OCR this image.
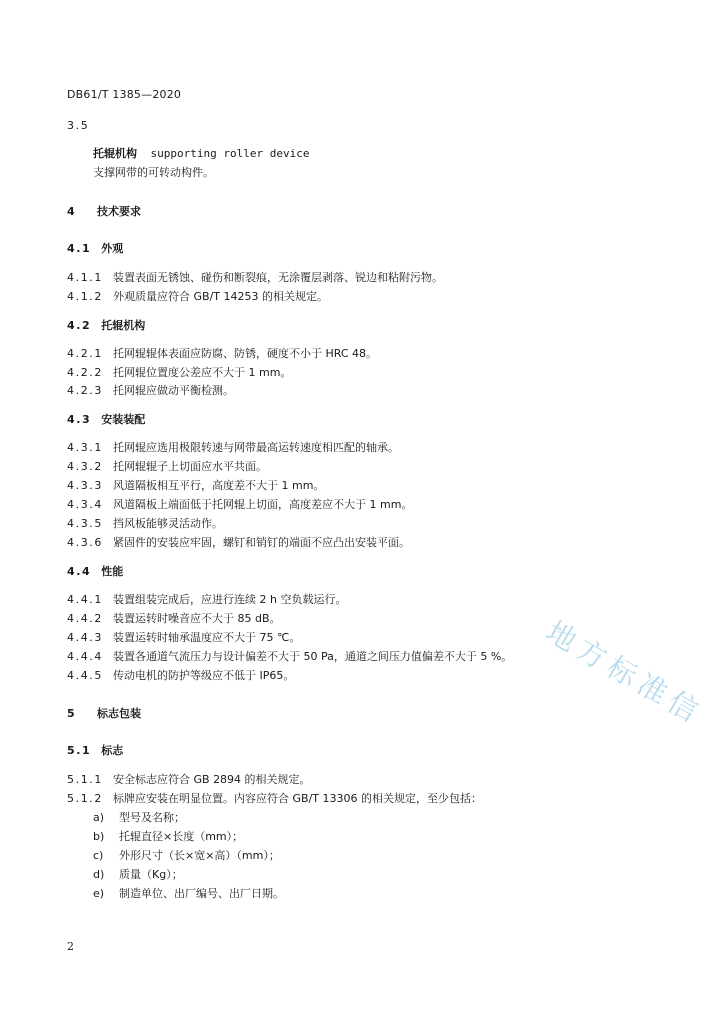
DB61/T 1385—2020
3.5
托辊机构 supporting roller device
支撑网带的可转动构件。
4 技术要求
4.1 外观
4.1.1 装置表面无锈蚀、碰伤和断裂痕，无涂覆层剥落、锐边和粘附污物。
4.1.2 外观质量应符合 GB/T 14253 的相关规定。
4.2 托辊机构
4.2.1 托网辊辊体表面应防腐、防锈，硬度不小于 HRC 48。
4.2.2 托网辊位置度公差应不大于 1 mm。
4.2.3 托网辊应做动平衡检测。
4.3 安装装配
4.3.1 托网辊应选用极限转速与网带最高运转速度相匹配的轴承。
4.3.2 托网辊辊子上切面应水平共面。
4.3.3 风道隔板相互平行，高度差不大于 1 mm。
4.3.4 风道隔板上端面低于托网辊上切面，高度差应不大于 1 mm。
4.3.5 挡风板能够灵活动作。
4.3.6 紧固件的安装应牢固，螺钉和销钉的端面不应凸出安装平面。
4.4 性能
4.4.1 装置组装完成后，应进行连续 2 h 空负载运行。
4.4.2 装置运转时噪音应不大于 85 dB。
4.4.3 装置运转时轴承温度应不大于 75 ℃。
4.4.4 装置各通道气流压力与设计偏差不大于 50 Pa，通道之间压力值偏差不大于 5 %。
4.4.5 传动电机的防护等级应不低于 IP65。
5 标志包装
5.1 标志
5.1.1 安全标志应符合 GB 2894 的相关规定。
5.1.2 标牌应安装在明显位置。内容应符合 GB/T 13306 的相关规定，至少包括：
a) 型号及名称；
b) 托辊直径×长度（mm）；
c) 外形尺寸（长×宽×高）（mm）；
d) 质量（Kg）；
e) 制造单位、出厂编号、出厂日期。
2
地方标准信
